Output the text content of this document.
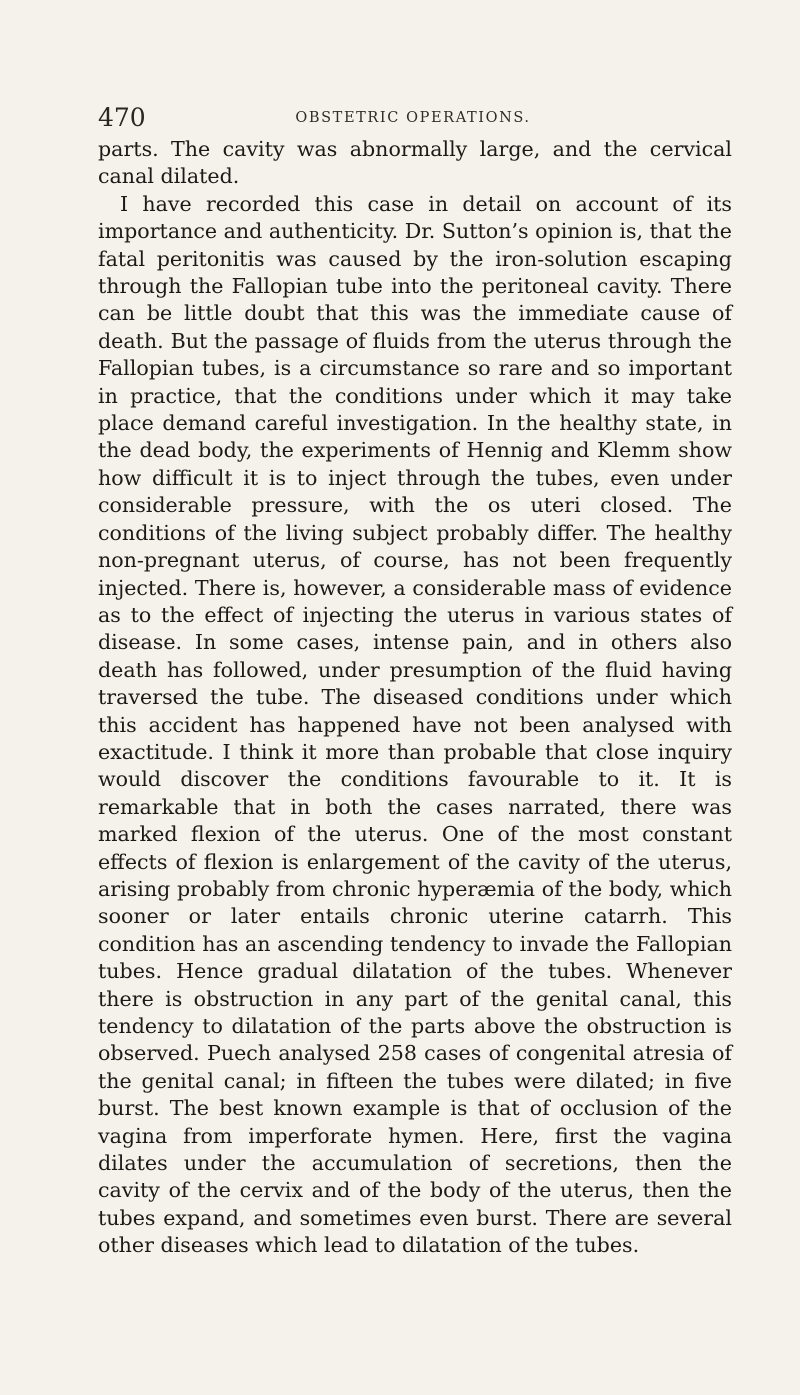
470	OBSTETRIC OPERATIONS.

parts. The cavity was abnormally large, and the cervical canal dilated.

I have recorded this case in detail on account of its importance and authenticity. Dr. Sutton’s opinion is, that the fatal peritonitis was caused by the iron-solution escaping through the Fallopian tube into the peritoneal cavity. There can be little doubt that this was the immediate cause of death. But the passage of fluids from the uterus through the Fallopian tubes, is a circumstance so rare and so important in practice, that the conditions under which it may take place demand careful investigation. In the healthy state, in the dead body, the experiments of Hennig and Klemm show how difficult it is to inject through the tubes, even under considerable pressure, with the os uteri closed. The conditions of the living subject probably differ. The healthy non-pregnant uterus, of course, has not been frequently injected. There is, however, a considerable mass of evidence as to the effect of injecting the uterus in various states of disease. In some cases, intense pain, and in others also death has followed, under presumption of the fluid having traversed the tube. The diseased conditions under which this accident has happened have not been analysed with exactitude. I think it more than probable that close inquiry would discover the conditions favourable to it. It is remarkable that in both the cases narrated, there was marked flexion of the uterus. One of the most constant effects of flexion is enlargement of the cavity of the uterus, arising probably from chronic hyperæmia of the body, which sooner or later entails chronic uterine catarrh. This condition has an ascending tendency to invade the Fallopian tubes. Hence gradual dilatation of the tubes. Whenever there is obstruction in any part of the genital canal, this tendency to dilatation of the parts above the obstruction is observed. Puech analysed 258 cases of congenital atresia of the genital canal; in fifteen the tubes were dilated; in five burst. The best known example is that of occlusion of the vagina from imperforate hymen. Here, first the vagina dilates under the accumulation of secretions, then the cavity of the cervix and of the body of the uterus, then the tubes expand, and sometimes even burst. There are several other diseases which lead to dilatation of the tubes.
